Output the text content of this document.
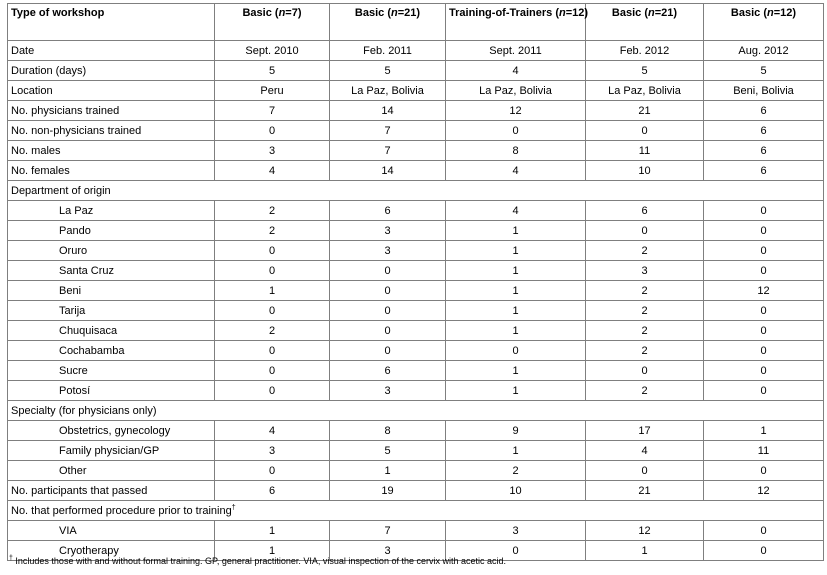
Type of workshop	Basic (n=7)	Basic (n=21)	Training-of-Trainers (n=12)	Basic (n=21)	Basic (n=12)
Date	Sept. 2010	Feb. 2011	Sept. 2011	Feb. 2012	Aug. 2012
Duration (days)	5	5	4	5	5
Location	Peru	La Paz, Bolivia	La Paz, Bolivia	La Paz, Bolivia	Beni, Bolivia
No. physicians trained	7	14	12	21	6
No. non-physicians trained	0	7	0	0	6
No. males	3	7	8	11	6
No. females	4	14	4	10	6
Department of origin					
La Paz	2	6	4	6	0
Pando	2	3	1	0	0
Oruro	0	3	1	2	0
Santa Cruz	0	0	1	3	0
Beni	1	0	1	2	12
Tarija	0	0	1	2	0
Chuquisaca	2	0	1	2	0
Cochabamba	0	0	0	2	0
Sucre	0	6	1	0	0
Potosí	0	3	1	2	0
Specialty (for physicians only)					
Obstetrics, gynecology	4	8	9	17	1
Family physician/GP	3	5	1	4	11
Other	0	1	2	0	0
No. participants that passed	6	19	10	21	12
No. that performed procedure prior to training†
VIA	1	7	3	12	0
Cryotherapy	1	3	0	1	0
† Includes those with and without formal training. GP, general practitioner. VIA, visual inspection of the cervix with acetic acid.
